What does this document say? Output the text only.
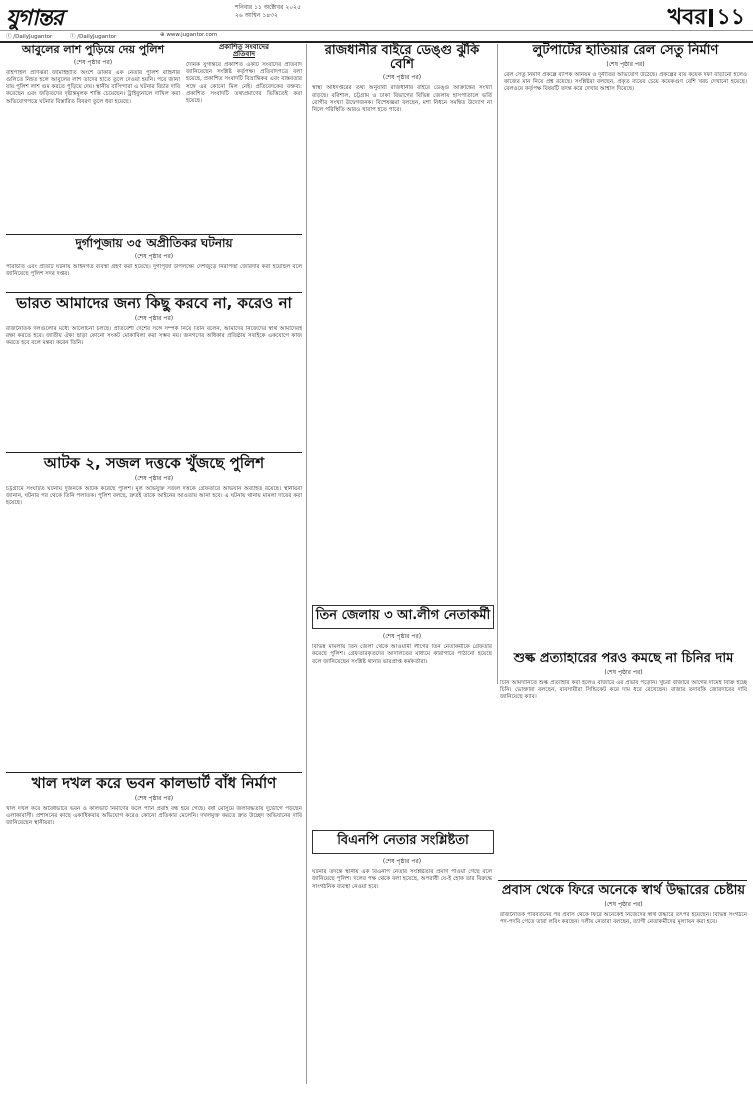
যুগান্তর	শনিবার ১১ অক্টোবর ২০২৫
২৬ আশ্বিন ১৪৩২	খবর ১১
ⓕ /DailyJugantor	ⓣ /DailyJugantor	⊕ www.jugantor.com
আবুলের লাশ পুড়িয়ে দেয় পুলিশ
(শেষ পৃষ্ঠার পর)
বাইপাইল প্রাণঝরা জামাইহাতি অংশে ডাকার এক নেতার পুলিশ বাহিনীর গুলিতে নিহত হলে আবুলের লাশ তাদের হাতে তুলে দেওয়া হয়নি। পরে জানা যায় পুলিশ লাশ গুম করতে পুড়িয়ে দেয়। স্থানীয় বাসিন্দারা এ ঘটনার বিচার দাবি করেছেন এবং জড়িতদের দৃষ্টান্তমূলক শাস্তি চেয়েছেন। ট্রাইব্যুনালে দাখিল করা অভিযোগপত্রে ঘটনার বিস্তারিত বিবরণ তুলে ধরা হয়েছে।
প্রকাশিত সংবাদের
প্রতিবাদ
দৈনিক যুগান্তরে প্রকাশিত একটি সংবাদের প্রতিবাদ জানিয়েছেন সংশ্লিষ্ট কর্তৃপক্ষ। প্রতিবাদপত্রে বলা হয়েছে, প্রকাশিত সংবাদটি বিভ্রান্তিকর এবং বাস্তবতার সঙ্গে এর কোনো মিল নেই। প্রতিবেদকের বক্তব্য: প্রকাশিত সংবাদটি তথ্যপ্রমাণের ভিত্তিতেই করা হয়েছে।
দুর্গাপূজায় ৩৫ অপ্রীতিকর ঘটনায়
(শেষ পৃষ্ঠার পর)
পরিচিতি এবং প্রতিটি ঘটনায় আইনগত ব্যবস্থা গ্রহণ করা হয়েছে। দুর্গাপূজা উপলক্ষ্যে দেশজুড়ে নিরাপত্তা জোরদার করা হয়েছিল বলে জানিয়েছে পুলিশ সদর দপ্তর।
ভারত আমাদের জন্য কিছু করবে না, করেও না
(শেষ পৃষ্ঠার পর)
রাজনৈতিক দলগুলোর মধ্যে আলোচনা চলছে। প্রতিবেশী দেশের সঙ্গে সম্পর্ক নিয়ে তিনি বলেন, আমাদের নিজেদের স্বার্থ আমাদেরই রক্ষা করতে হবে। জাতীয় ঐক্য ছাড়া কোনো সংকট মোকাবিলা করা সম্ভব নয়। জনগণের অধিকার প্রতিষ্ঠায় সবাইকে একযোগে কাজ করতে হবে বলে মন্তব্য করেন তিনি।
আটক ২, সজল দত্তকে খুঁজছে পুলিশ
(শেষ পৃষ্ঠার পর)
চট্টগ্রামে সংঘটিত ঘটনায় দুজনকে আটক করেছে পুলিশ। মূল অভিযুক্ত সজল দত্তকে গ্রেফতারে অভিযান অব্যাহত রয়েছে। স্থানীয়রা জানান, ঘটনার পর থেকে তিনি পলাতক। পুলিশ বলছে, দ্রুতই তাকে আইনের আওতায় আনা হবে। এ ঘটনায় থানায় মামলা দায়ের করা হয়েছে।
খাল দখল করে ভবন কালভার্ট বাঁধ নির্মাণ
(শেষ পৃষ্ঠার পর)
খাল দখল করে অবৈধভাবে ভবন ও কালভার্ট নির্মাণের ফলে পানি প্রবাহ বন্ধ হয়ে গেছে। বর্ষা মৌসুমে জলাবদ্ধতায় দুর্ভোগে পড়ছেন এলাকাবাসী। প্রশাসনের কাছে একাধিকবার অভিযোগ করেও কোনো প্রতিকার মেলেনি। দখলমুক্ত করতে দ্রুত উচ্ছেদ অভিযানের দাবি জানিয়েছেন স্থানীয়রা।
রাজধানীর বাইরে ডেঙ্গু ঝুঁকি বেশি
(শেষ পৃষ্ঠার পর)
স্বাস্থ্য অধিদপ্তরের তথ্য অনুযায়ী রাজধানীর বাইরে ডেঙ্গু আক্রান্তের সংখ্যা বাড়ছে। বরিশাল, চট্টগ্রাম ও ঢাকা বিভাগের বিভিন্ন জেলায় হাসপাতালে ভর্তি রোগীর সংখ্যা উদ্বেগজনক। বিশেষজ্ঞরা বলছেন, মশা নিধনে সমন্বিত উদ্যোগ না নিলে পরিস্থিতি আরও খারাপ হতে পারে।
তিন জেলায় ৩ আ.লীগ নেতাকর্মী
(শেষ পৃষ্ঠার পর)
বিভিন্ন মামলায় তিন জেলা থেকে আওয়ামী লীগের তিন নেতাকর্মীকে গ্রেফতার করেছে পুলিশ। গ্রেফতারকৃতদের আদালতের মাধ্যমে কারাগারে পাঠানো হয়েছে বলে জানিয়েছেন সংশ্লিষ্ট থানার ভারপ্রাপ্ত কর্মকর্তারা।
বিএনপি নেতার সংশ্লিষ্টতা
(শেষ পৃষ্ঠার পর)
ঘটনার তদন্তে স্থানীয় এক বিএনপি নেতার সংশ্লিষ্টতার প্রমাণ পাওয়া গেছে বলে জানিয়েছে পুলিশ। দলের পক্ষ থেকে বলা হয়েছে, অপরাধী যে-ই হোক তার বিরুদ্ধে সাংগঠনিক ব্যবস্থা নেওয়া হবে।
লুটপাটের হাতিয়ার রেল সেতু নির্মাণ
(শেষ পৃষ্ঠার পর)
রেল সেতু নির্মাণ প্রকল্পে ব্যাপক অনিয়ম ও দুর্নীতির অভিযোগ উঠেছে। প্রকল্পের ব্যয় কয়েক দফা বাড়ানো হলেও কাজের মান নিয়ে প্রশ্ন রয়েছে। সংশ্লিষ্টরা বলছেন, প্রকৃত ব্যয়ের চেয়ে কয়েকগুণ বেশি খরচ দেখানো হয়েছে। রেলওয়ে কর্তৃপক্ষ বিষয়টি তদন্ত করে দেখার আশ্বাস দিয়েছে।
শুল্ক প্রত্যাহারের পরও কমছে না চিনির দাম
(শেষ পৃষ্ঠার পর)
চিনি আমদানিতে শুল্ক প্রত্যাহার করা হলেও বাজারে এর প্রভাব পড়েনি। খুচরা বাজারে আগের দামেই বিক্রি হচ্ছে চিনি। ভোক্তারা বলছেন, ব্যবসায়ীরা সিন্ডিকেট করে দাম ধরে রেখেছেন। বাজার তদারকি জোরদারের দাবি জানিয়েছে ক্যাব।
প্রবাস থেকে ফিরে অনেকে স্বার্থ উদ্ধারের চেষ্টায়
(শেষ পৃষ্ঠার পর)
রাজনৈতিক পরিবর্তনের পর প্রবাস থেকে ফিরে অনেকেই নিজেদের স্বার্থ উদ্ধারে তৎপর হয়েছেন। বিভিন্ন সংগঠনে পদ-পদবি পেতে তারা লবিং করছেন। দলীয় নেতারা বলছেন, ত্যাগী নেতাকর্মীদের মূল্যায়ন করা হবে।
